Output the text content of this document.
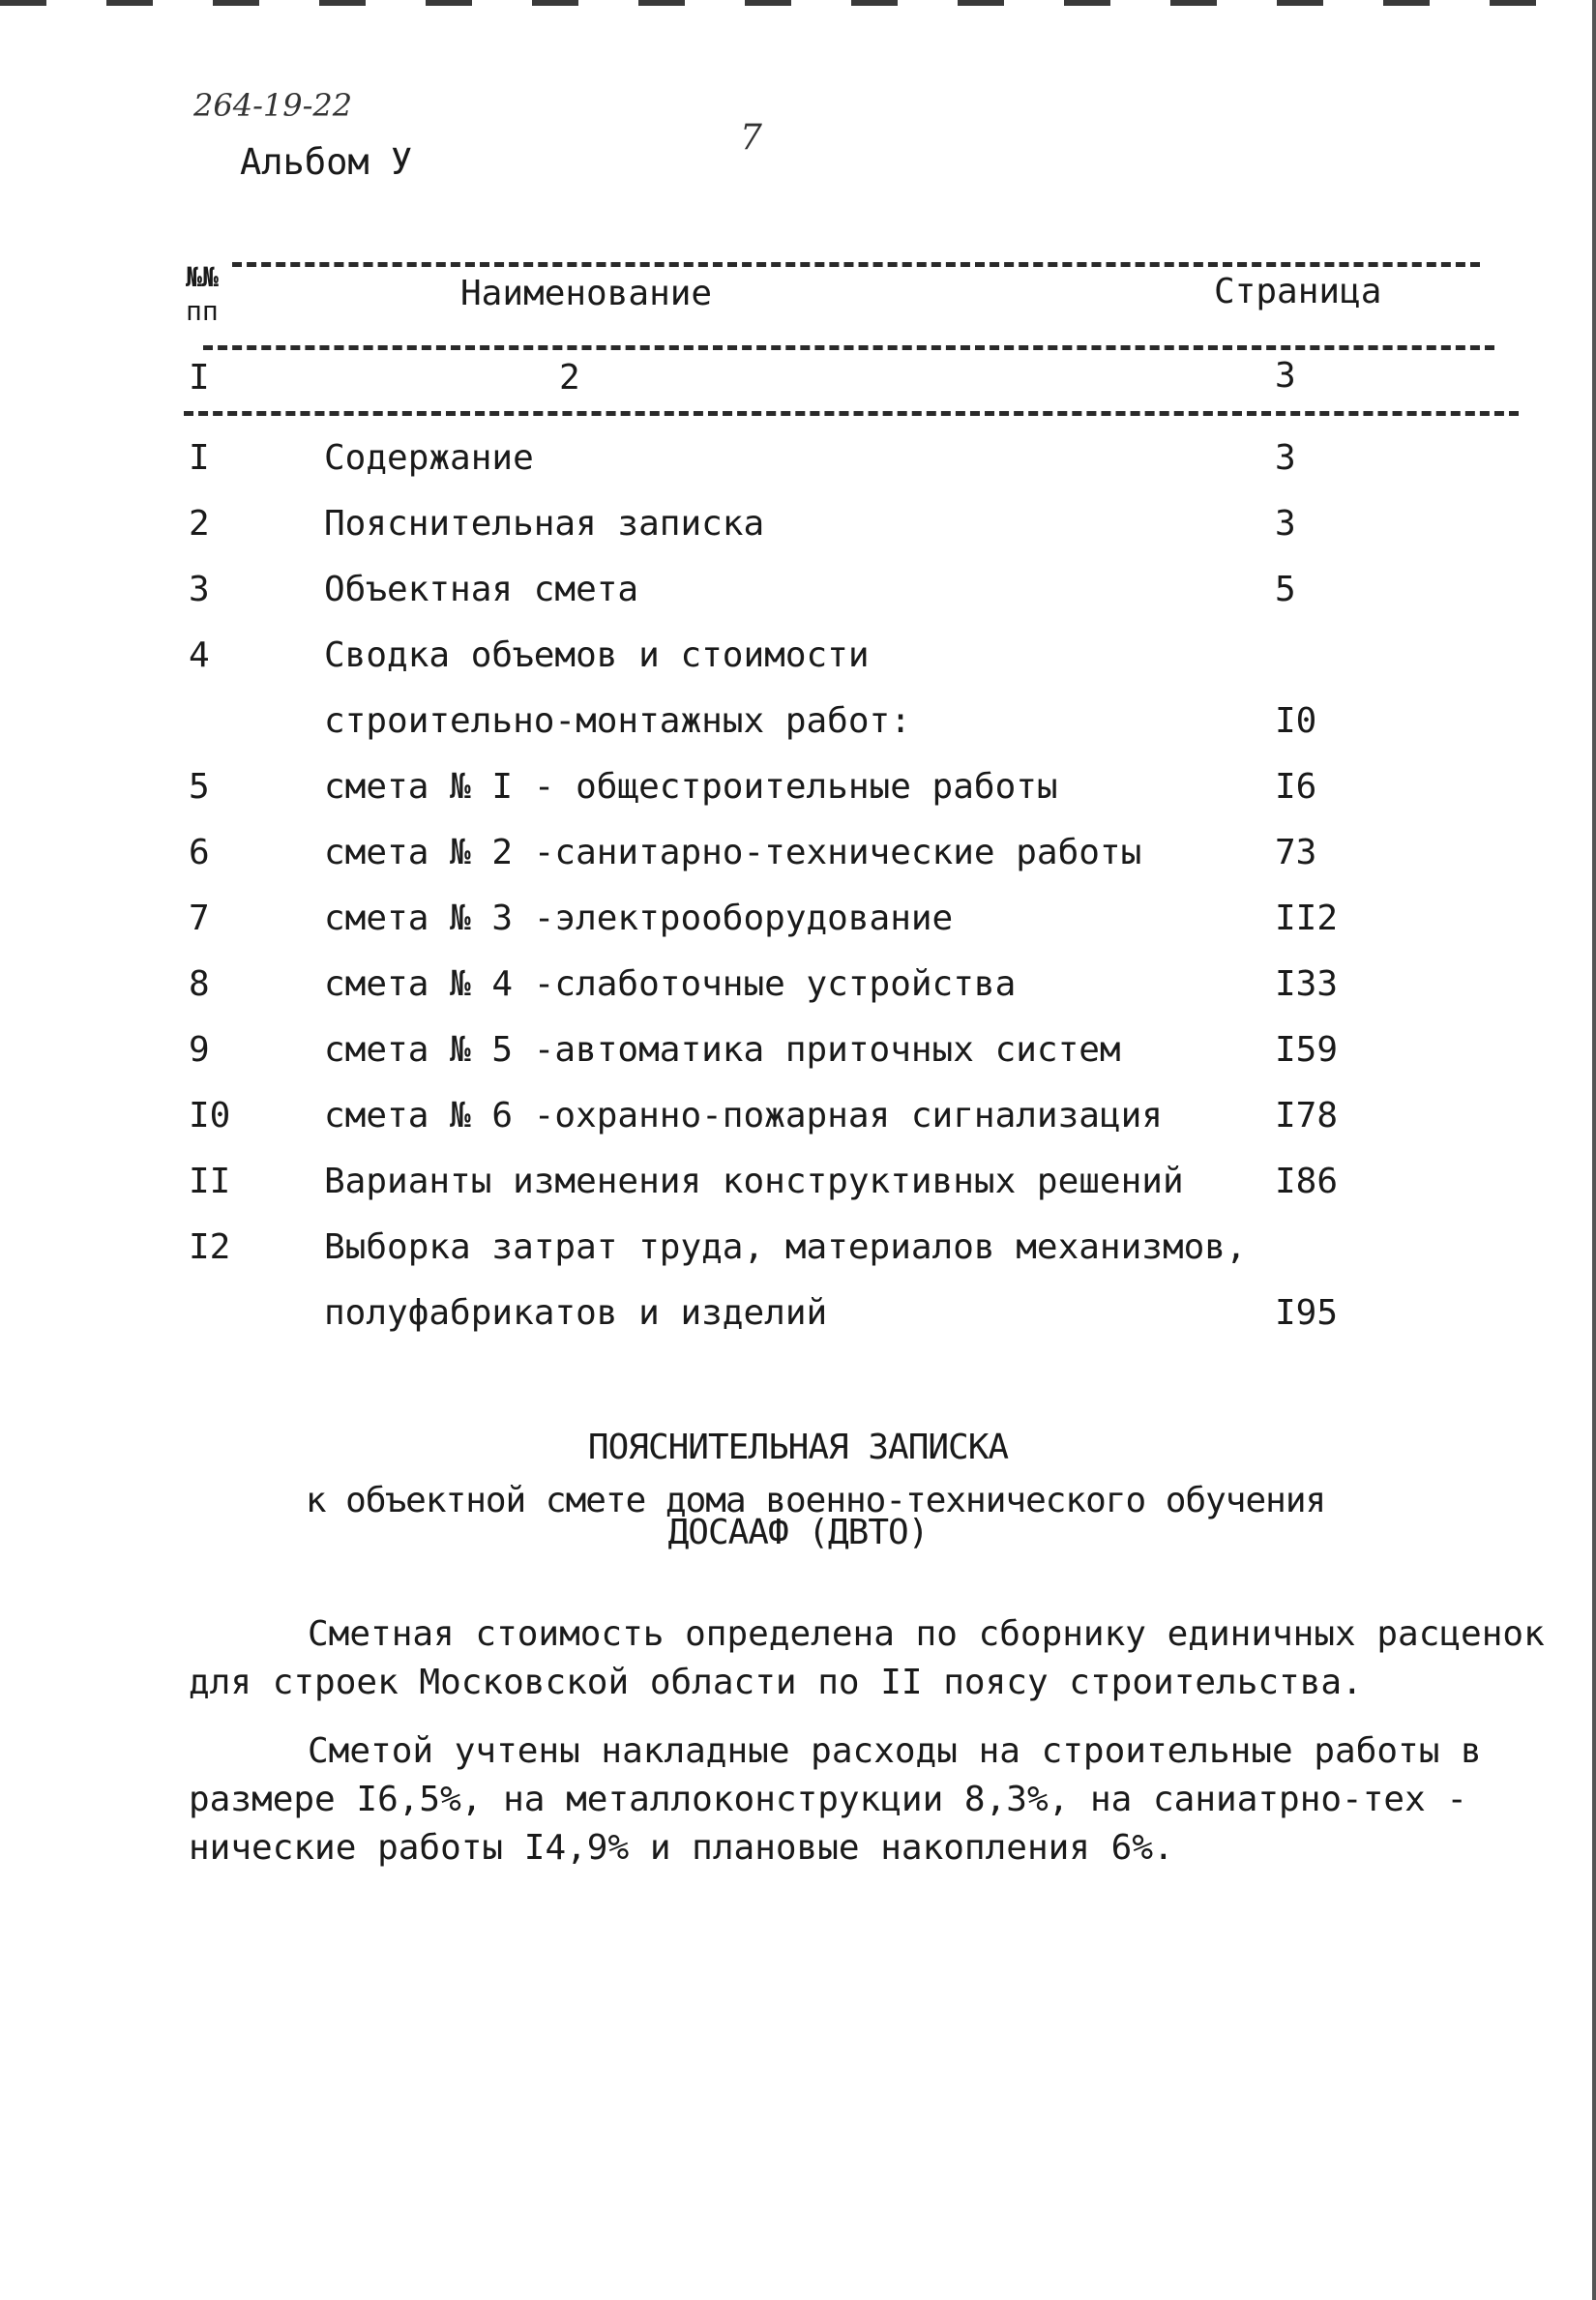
264-19-22
7
Альбом У
№№
пп	Наименование	Страница
I	2	3
I	Содержание	3
2	Пояснительная записка	3
3	Объектная смета	5
4	Сводка объемов и стоимости
строительно-монтажных работ:	I0
5	смета № I - общестроительные работы	I6
6	смета № 2 -санитарно-технические работы	73
7	смета № 3 -электрооборудование	II2
8	смета № 4 -слаботочные устройства	I33
9	смета № 5 -автоматика приточных систем	I59
I0	смета № 6 -охранно-пожарная сигнализация	I78
II	Варианты изменения конструктивных решений	I86
I2	Выборка затрат труда, материалов механизмов,
полуфабрикатов и изделий	I95
ПОЯСНИТЕЛЬНАЯ ЗАПИСКА
к объектной смете дома военно-технического обучения
ДОСААФ (ДВТО)
Сметная стоимость определена по сборнику единичных расценок
для строек Московской области по II поясу строительства.
Сметой учтены накладные расходы на строительные работы в
размере I6,5%, на металлоконструкции 8,3%, на саниатрно-тех -
нические работы I4,9% и плановые накопления 6%.
